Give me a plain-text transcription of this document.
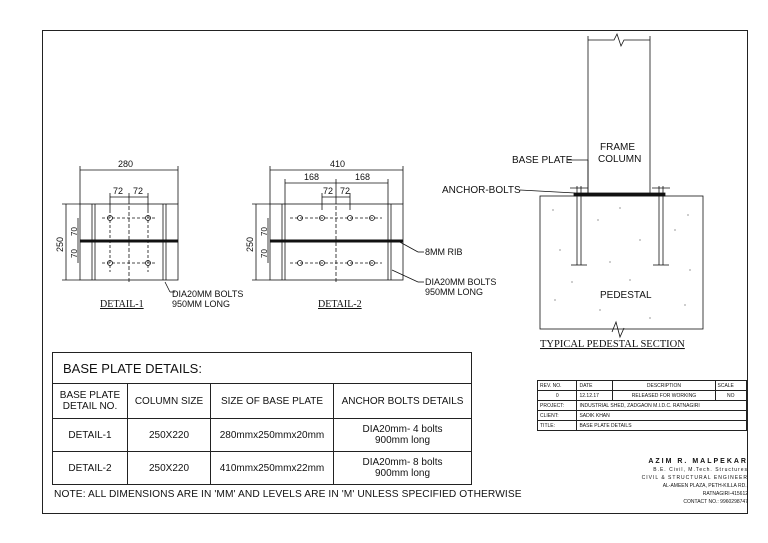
280
72 72
250
70
70
DIA20MM BOLTS
950MM LONG
DETAIL-1
410
168	168
72 72
250
70
70	8MM RIB
DIA20MM BOLTS
950MM LONG
DETAIL-2
FRAME
COLUMN
BASE PLATE
ANCHOR-BOLTS
PEDESTAL
TYPICAL PEDESTAL SECTION
BASE PLATE DETAILS:			
BASE PLATE DETAIL NO.	COLUMN SIZE	SIZE OF BASE PLATE	ANCHOR BOLTS DETAILS
DETAIL-1	250X220	280mmx250mmx20mm	DIA20mm- 4 bolts
900mm long
DETAIL-2	250X220	410mmx250mmx22mm	DIA20mm- 8 bolts
900mm long
NOTE: ALL DIMENSIONS ARE IN 'MM' AND LEVELS ARE IN 'M' UNLESS SPECIFIED OTHERWISE
REV. NO.	DATE	DESCRIPTION	SCALE
0	12.12.17	RELEASED FOR WORKING	NO
PROJECT:	INDUSTRIAL SHED, ZADGAON M.I.D.C. RATNAGIRI		
CLIENT:	SADIK KHAN		
TITLE:	BASE PLATE DETAILS		
AZIM R. MALPEKAR
B.E. Civil, M.Tech. Structures
CIVIL & STRUCTURAL ENGINEER
AL-AMEEN PLAZA, PETH-KILLA RD.,
RATNAGIRI-415612
CONTACT NO.: 9960298747
